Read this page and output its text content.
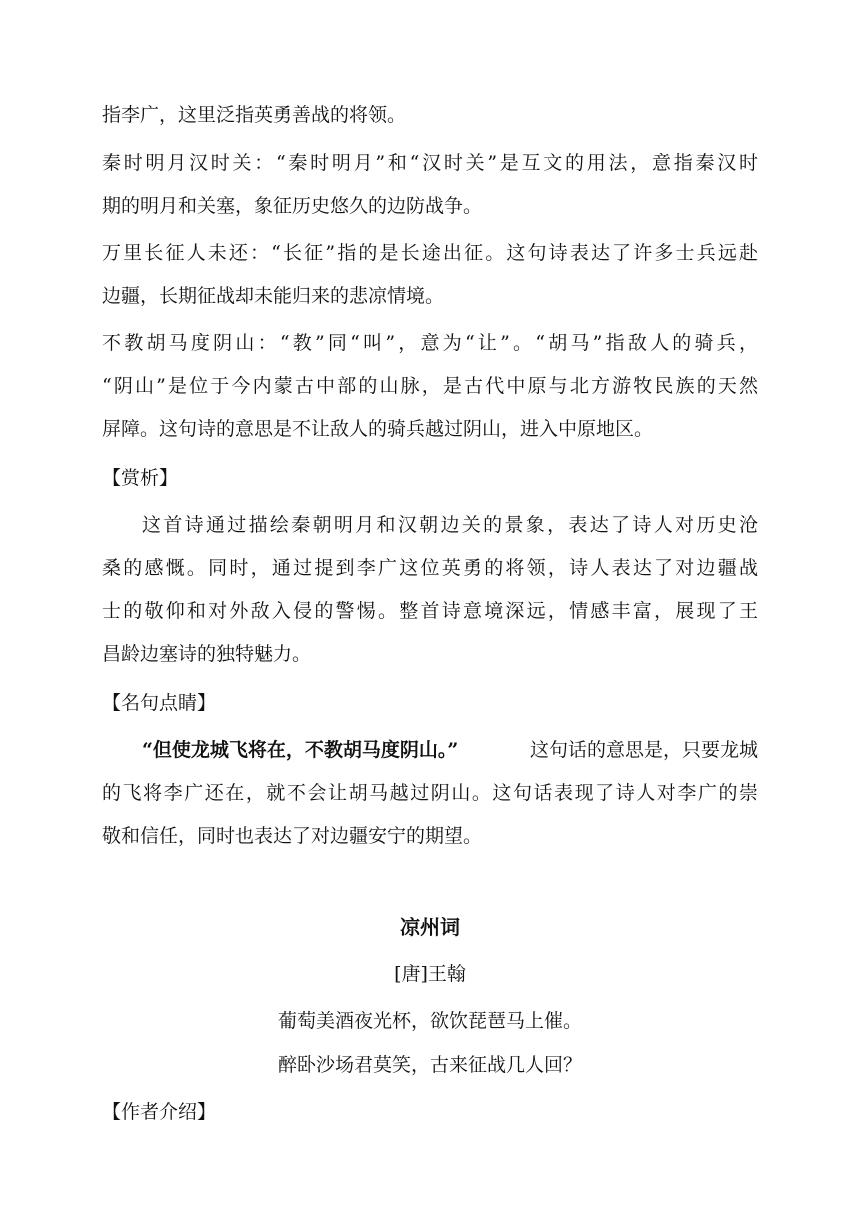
指李广，这里泛指英勇善战的将领。

秦时明月汉时关：“秦时明月”和“汉时关”是互文的用法，意指秦汉时

期的明月和关塞，象征历史悠久的边防战争。

万里长征人未还：“长征”指的是长途出征。这句诗表达了许多士兵远赴

边疆，长期征战却未能归来的悲凉情境。

不教胡马度阴山：“教”同“叫”，意为“让”。“胡马”指敌人的骑兵，

“阴山”是位于今内蒙古中部的山脉，是古代中原与北方游牧民族的天然

屏障。这句诗的意思是不让敌人的骑兵越过阴山，进入中原地区。

【赏析】

这首诗通过描绘秦朝明月和汉朝边关的景象，表达了诗人对历史沧

桑的感慨。同时，通过提到李广这位英勇的将领，诗人表达了对边疆战

士的敬仰和对外敌入侵的警惕。整首诗意境深远，情感丰富，展现了王

昌龄边塞诗的独特魅力。

【名句点睛】

“但使龙城飞将在，不教胡马度阴山。”	这句话的意思是，只要龙城

的飞将李广还在，就不会让胡马越过阴山。这句话表现了诗人对李广的崇

敬和信任，同时也表达了对边疆安宁的期望。

凉州词

[唐]王翰

葡萄美酒夜光杯，欲饮琵琶马上催。

醉卧沙场君莫笑，古来征战几人回？

【作者介绍】
